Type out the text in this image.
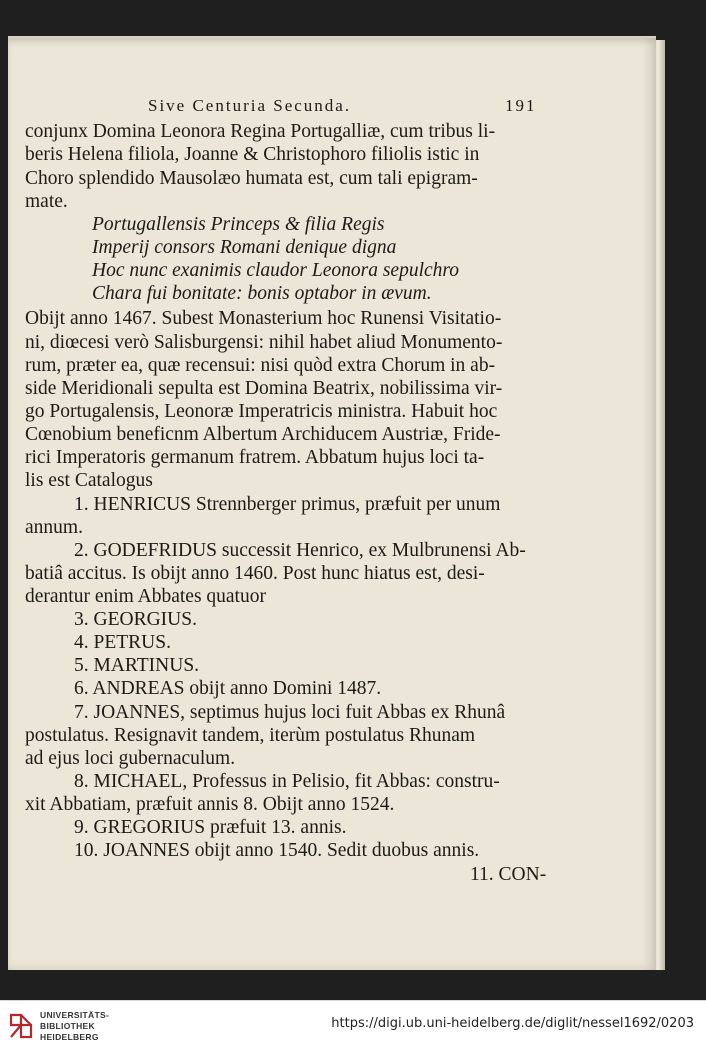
Sive Centuria Secunda.	191
conjunx Domina Leonora Regina Portugalliæ, cum tribus li-
beris Helena filiola, Joanne & Christophoro filiolis istic in
Choro splendido Mausolæo humata est, cum tali epigram-
mate.
Portugallensis Princeps & filia Regis
Imperij consors Romani denique digna
Hoc nunc exanimis claudor Leonora sepulchro
Chara fui bonitate: bonis optabor in ævum.
Obijt anno 1467. Subest Monasterium hoc Runensi Visitatio-
ni, diœcesi verò Salisburgensi: nihil habet aliud Monumento-
rum, præter ea, quæ recensui: nisi quòd extra Chorum in ab-
side Meridionali sepulta est Domina Beatrix, nobilissima vir-
go Portugalensis, Leonoræ Imperatricis ministra. Habuit hoc
Cœnobium beneficnm Albertum Archiducem Austriæ, Fride-
rici Imperatoris germanum fratrem. Abbatum hujus loci ta-
lis est Catalogus
1. HENRICUS Strennberger primus, præfuit per unum
annum.
2. GODEFRIDUS successit Henrico, ex Mulbrunensi Ab-
batiâ accitus. Is obijt anno 1460. Post hunc hiatus est, desi-
derantur enim Abbates quatuor
3. GEORGIUS.
4. PETRUS.
5. MARTINUS.
6. ANDREAS obijt anno Domini 1487.
7. JOANNES, septimus hujus loci fuit Abbas ex Rhunâ
postulatus. Resignavit tandem, iterùm postulatus Rhunam
ad ejus loci gubernaculum.
8. MICHAEL, Professus in Pelisio, fit Abbas: constru-
xit Abbatiam, præfuit annis 8. Obijt anno 1524.
9. GREGORIUS præfuit 13. annis.
10. JOANNES obijt anno 1540. Sedit duobus annis.
11. CON-
UNIVERSITÄTS-
BIBLIOTHEK
HEIDELBERG
https://digi.ub.uni-heidelberg.de/diglit/nessel1692/0203
